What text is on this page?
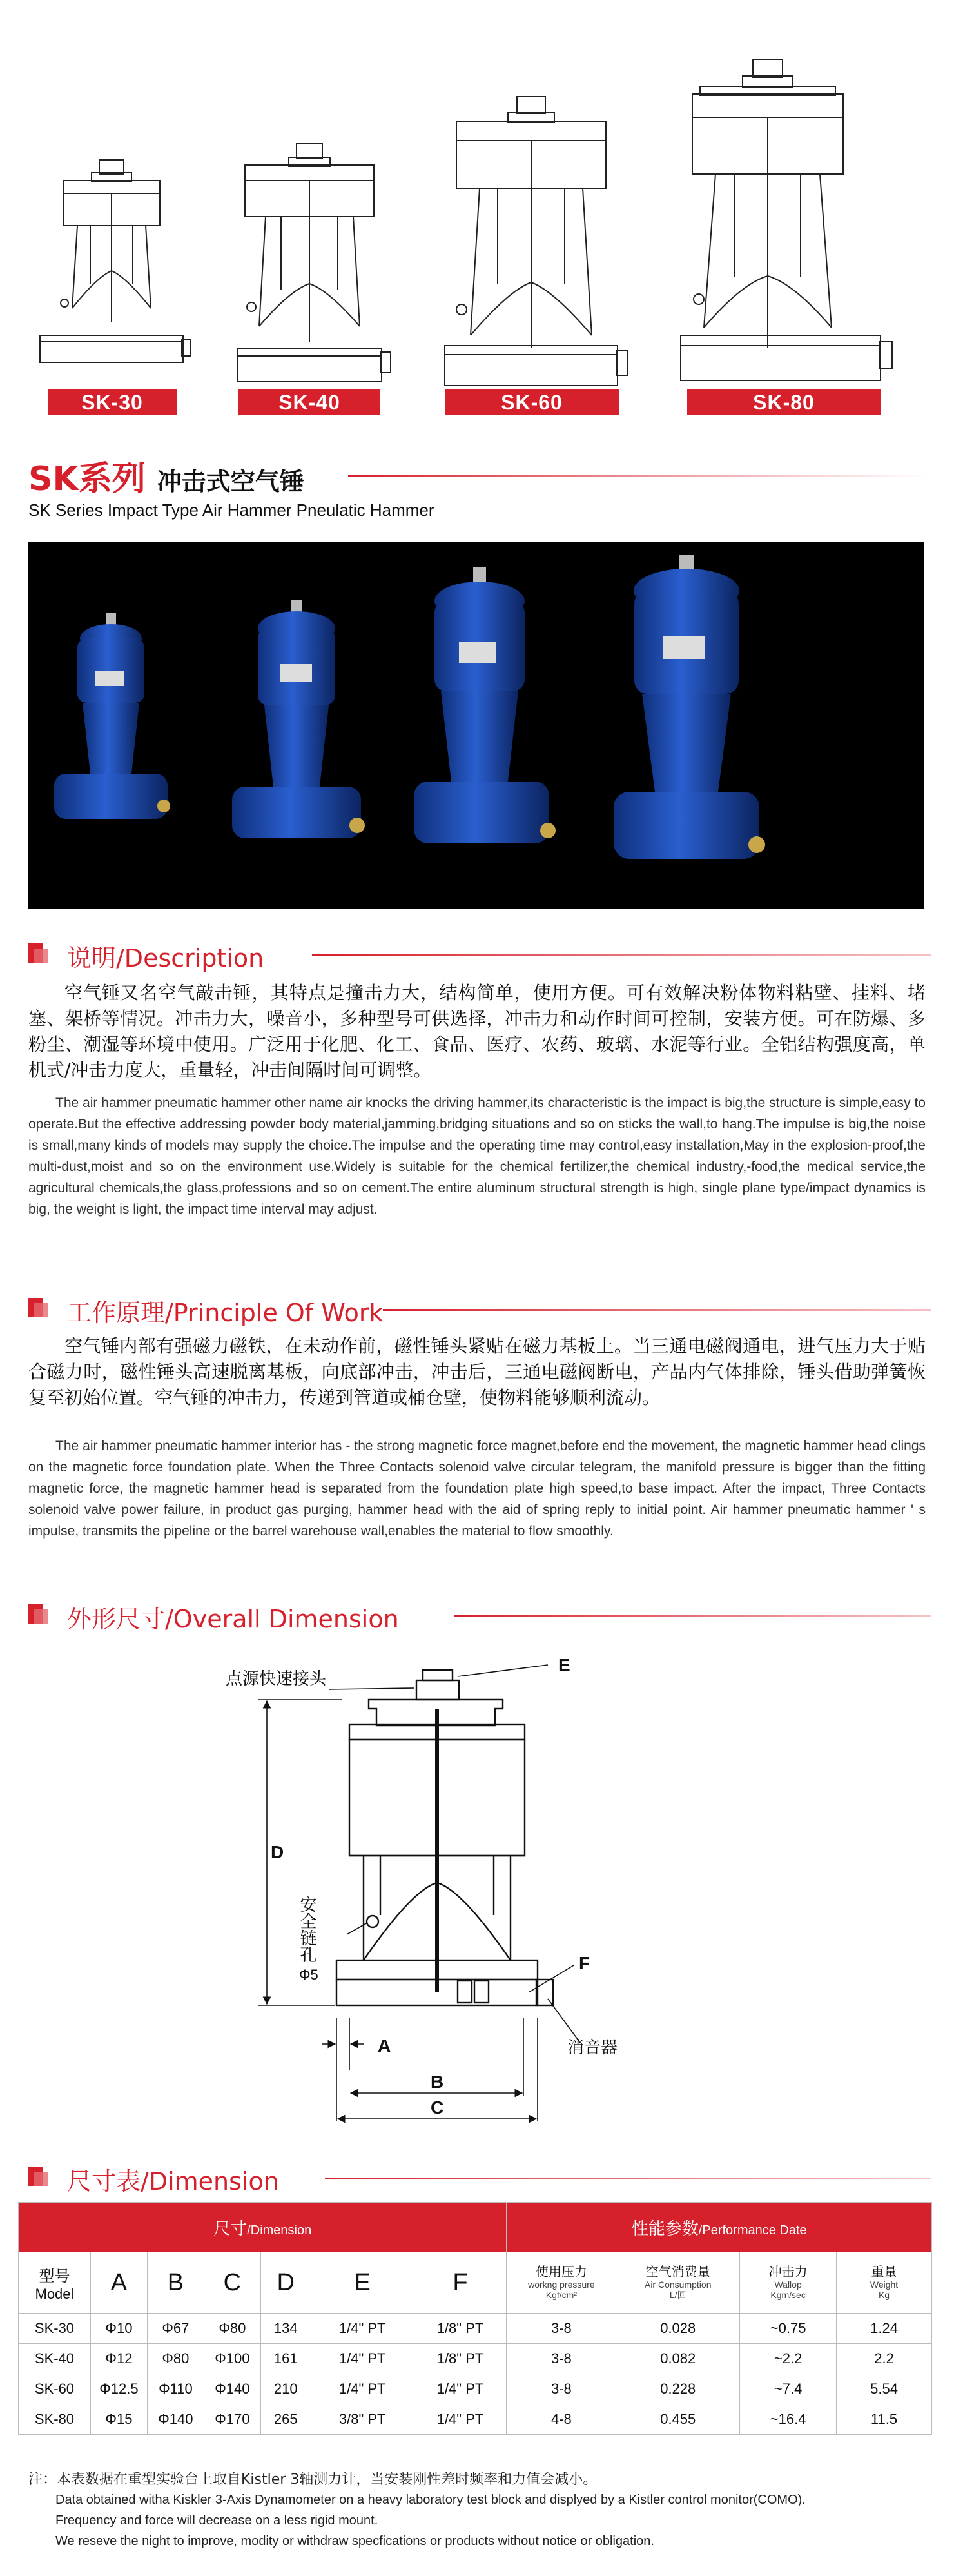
SK-30	SK-40	SK-60	SK-80
SK系列 冲击式空气锤
SK Series Impact Type Air Hammer Pneulatic Hammer
说明/Description
空气锤又名空气敲击锤，其特点是撞击力大，结构简单，使用方便。可有效解决粉体物料粘壁、挂料、堵塞、架桥等情况。冲击力大，噪音小，多种型号可供选择，冲击力和动作时间可控制，安装方便。可在防爆、多粉尘、潮湿等环境中使用。广泛用于化肥、化工、食品、医疗、农药、玻璃、水泥等行业。全铝结构强度高，单机式/冲击力度大，重量轻，冲击间隔时间可调整。
The air hammer pneumatic hammer other name air knocks the driving hammer,its characteristic is the impact is big,the structure is simple,easy to operate.But the effective addressing powder body material,jamming,bridging situations and so on sticks the wall,to hang.The impulse is big,the noise is small,many kinds of models may supply the choice.The impulse and the operating time may control,easy installation,May in the explosion-proof,the multi-dust,moist and so on the environment use.Widely is suitable for the chemical fertilizer,the chemical industry,-food,the medical service,the agricultural chemicals,the glass,professions and so on cement.The entire aluminum structural strength is high, single plane type/impact dynamics is big, the weight is light, the impact time interval may adjust.
工作原理/Principle Of Work
空气锤内部有强磁力磁铁，在未动作前，磁性锤头紧贴在磁力基板上。当三通电磁阀通电，进气压力大于贴合磁力时，磁性锤头高速脱离基板，向底部冲击，冲击后，三通电磁阀断电，产品内气体排除，锤头借助弹簧恢复至初始位置。空气锤的冲击力，传递到管道或桶仓壁，使物料能够顺利流动。
The air hammer pneumatic hammer interior has - the strong magnetic force magnet,before end the movement, the magnetic hammer head clings on the magnetic force foundation plate. When the Three Contacts solenoid valve circular telegram, the manifold pressure is bigger than the fitting magnetic force, the magnetic hammer head is separated from the foundation plate high speed,to base impact. After the impact, Three Contacts solenoid valve power failure, in product gas purging, hammer head with the aid of spring reply to initial point. Air hammer pneumatic hammer ' s impulse, transmits the pipeline or the barrel warehouse wall,enables the material to flow smoothly.
外形尺寸/Overall Dimension
E
F
D
A
B
C
点源快速接头
消音器
安全链孔
Φ5
尺寸表/Dimension
尺寸/Dimension							性能参数/Performance Date			

型号
Model	A	B	C	D	E	F	使用压力
workng pressure
Kgf/cm²	空气消费量
Air Consumption
L/回	冲击力
Wallop
Kgm/sec	重量
Weight
Kg

SK-30	Φ10	Φ67	Φ80	134	1/4" PT	1/8" PT	3-8	0.028	~0.75	1.24
SK-40	Φ12	Φ80	Φ100	161	1/4" PT	1/8" PT	3-8	0.082	~2.2	2.2
SK-60	Φ12.5	Φ110	Φ140	210	1/4" PT	1/4" PT	3-8	0.228	~7.4	5.54
SK-80	Φ15	Φ140	Φ170	265	3/8" PT	1/4" PT	4-8	0.455	~16.4	11.5
注：本表数据在重型实验台上取自Kistler 3轴测力计，当安装刚性差时频率和力值会减小。
Data obtained witha Kiskler 3-Axis Dynamometer on a heavy laboratory test block and displyed by a Kistler control monitor(COMO).
Frequency and force will decrease on a less rigid mount.
We reseve the night to improve, modity or withdraw specfications or products without notice or obligation.
